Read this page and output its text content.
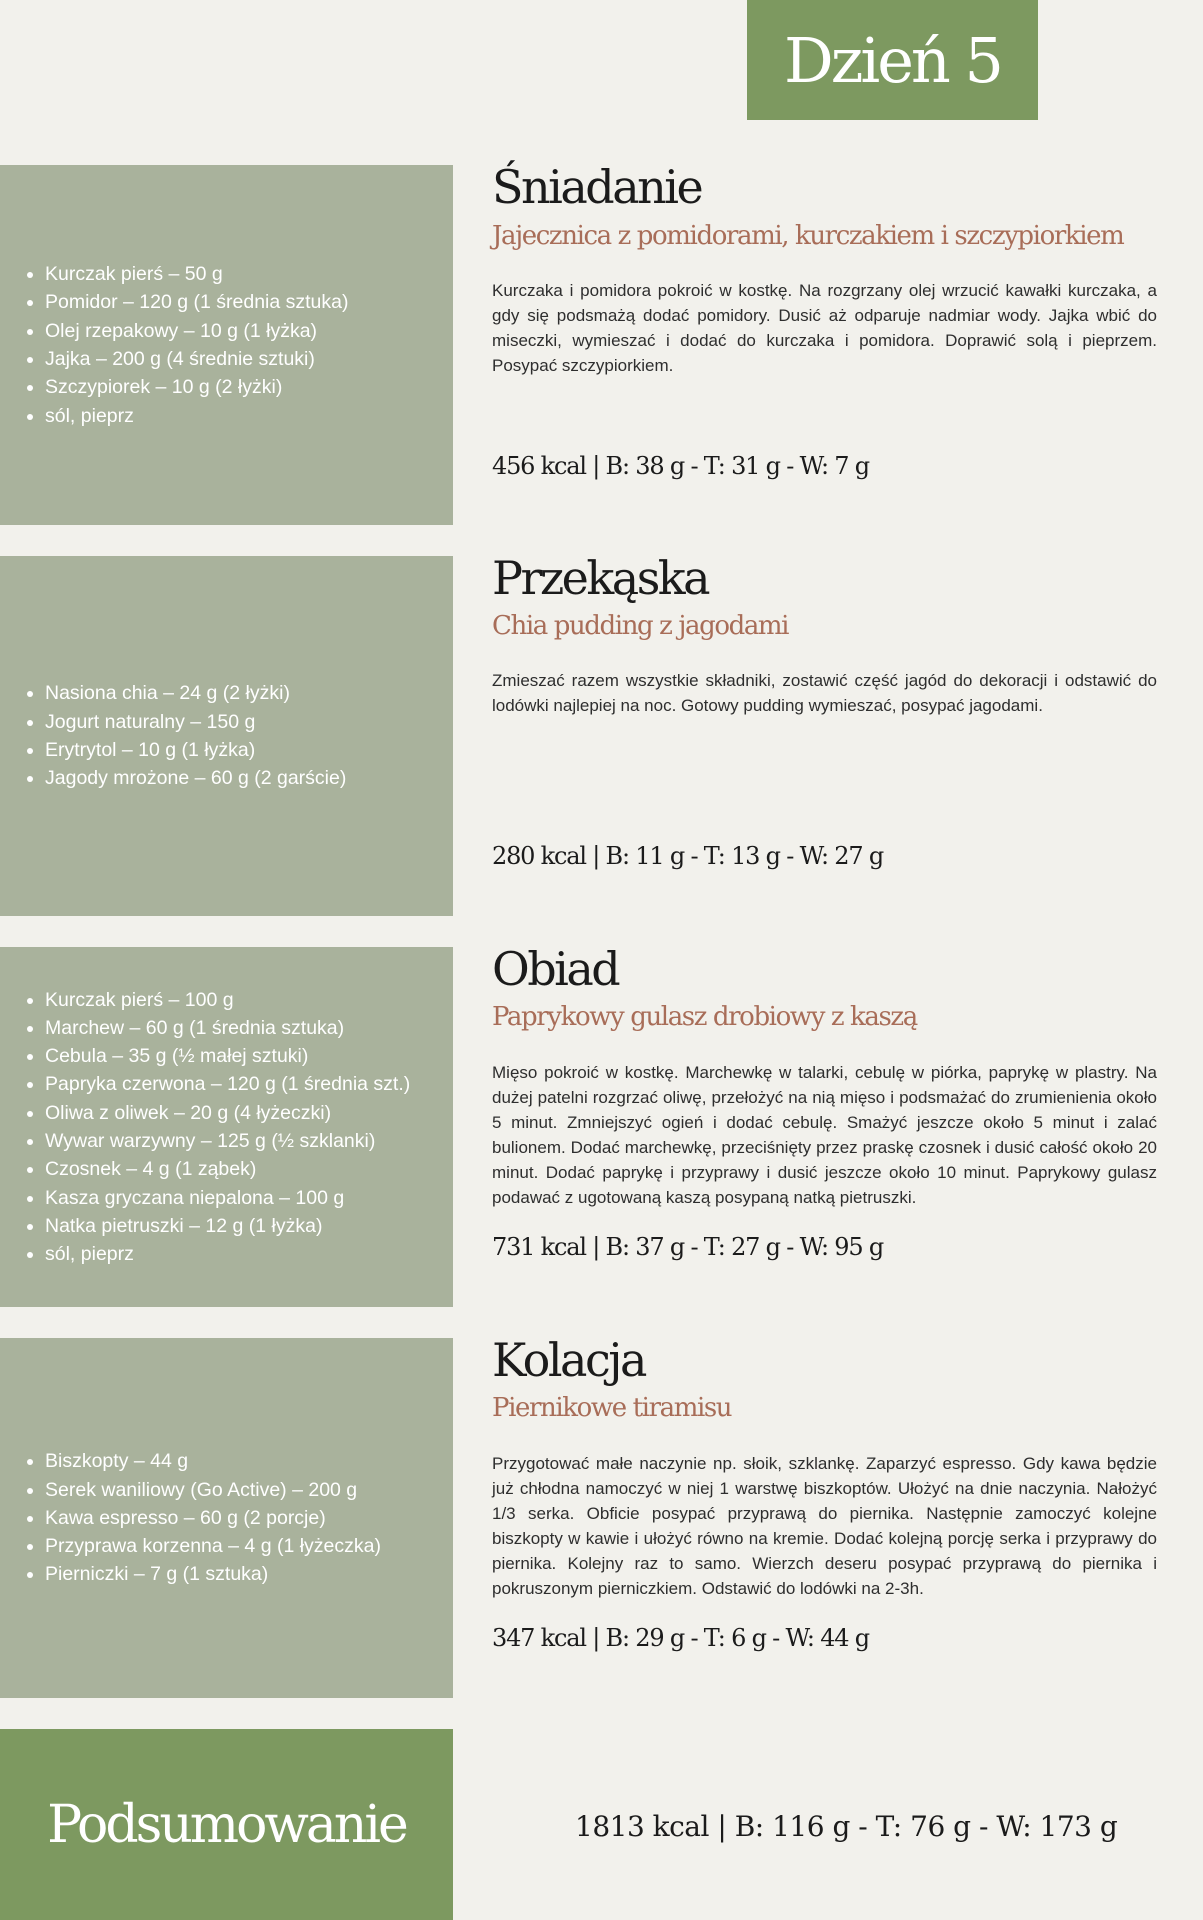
Dzień 5
• Kurczak pierś – 50 g
• Pomidor – 120 g (1 średnia sztuka)
• Olej rzepakowy – 10 g (1 łyżka)
• Jajka – 200 g (4 średnie sztuki)
• Szczypiorek – 10 g (2 łyżki)
• sól, pieprz
Śniadanie
Jajecznica z pomidorami, kurczakiem i szczypiorkiem
Kurczaka i pomidora pokroić w kostkę. Na rozgrzany olej wrzucić kawałki kurczaka, a gdy się podsmażą dodać pomidory. Dusić aż odparuje nadmiar wody. Jajka wbić do miseczki, wymieszać i dodać do kurczaka i pomidora. Doprawić solą i pieprzem. Posypać szczypiorkiem.
456 kcal | B: 38 g - T: 31 g - W: 7 g
• Nasiona chia – 24 g (2 łyżki)
• Jogurt naturalny – 150 g
• Erytrytol – 10 g (1 łyżka)
• Jagody mrożone – 60 g (2 garście)
Przekąska
Chia pudding z jagodami
Zmieszać razem wszystkie składniki, zostawić część jagód do dekoracji i odstawić do lodówki najlepiej na noc. Gotowy pudding wymieszać, posypać jagodami.
280 kcal | B: 11 g - T: 13 g - W: 27 g
• Kurczak pierś – 100 g
• Marchew – 60 g (1 średnia sztuka)
• Cebula – 35 g (½ małej sztuki)
• Papryka czerwona – 120 g (1 średnia szt.)
• Oliwa z oliwek – 20 g (4 łyżeczki)
• Wywar warzywny – 125 g (½ szklanki)
• Czosnek – 4 g (1 ząbek)
• Kasza gryczana niepalona – 100 g
• Natka pietruszki – 12 g (1 łyżka)
• sól, pieprz
Obiad
Paprykowy gulasz drobiowy z kaszą
Mięso pokroić w kostkę. Marchewkę w talarki, cebulę w piórka, paprykę w plastry. Na dużej patelni rozgrzać oliwę, przełożyć na nią mięso i podsmażać do zrumienienia około 5 minut. Zmniejszyć ogień i dodać cebulę. Smażyć jeszcze około 5 minut i zalać bulionem. Dodać marchewkę, przeciśnięty przez praskę czosnek i dusić całość około 20 minut. Dodać paprykę i przyprawy i dusić jeszcze około 10 minut. Paprykowy gulasz podawać z ugotowaną kaszą posypaną natką pietruszki.
731 kcal | B: 37 g - T: 27 g - W: 95 g
• Biszkopty – 44 g
• Serek waniliowy (Go Active) – 200 g
• Kawa espresso – 60 g (2 porcje)
• Przyprawa korzenna – 4 g (1 łyżeczka)
• Pierniczki – 7 g (1 sztuka)
Kolacja
Piernikowe tiramisu
Przygotować małe naczynie np. słoik, szklankę. Zaparzyć espresso. Gdy kawa będzie już chłodna namoczyć w niej 1 warstwę biszkoptów. Ułożyć na dnie naczynia. Nałożyć 1/3 serka. Obficie posypać przyprawą do piernika. Następnie zamoczyć kolejne biszkopty w kawie i ułożyć równo na kremie. Dodać kolejną porcję serka i przyprawy do piernika. Kolejny raz to samo. Wierzch deseru posypać przyprawą do piernika i pokruszonym pierniczkiem. Odstawić do lodówki na 2-3h.
347 kcal | B: 29 g - T: 6 g - W: 44 g
Podsumowanie	1813 kcal | B: 116 g - T: 76 g - W: 173 g
